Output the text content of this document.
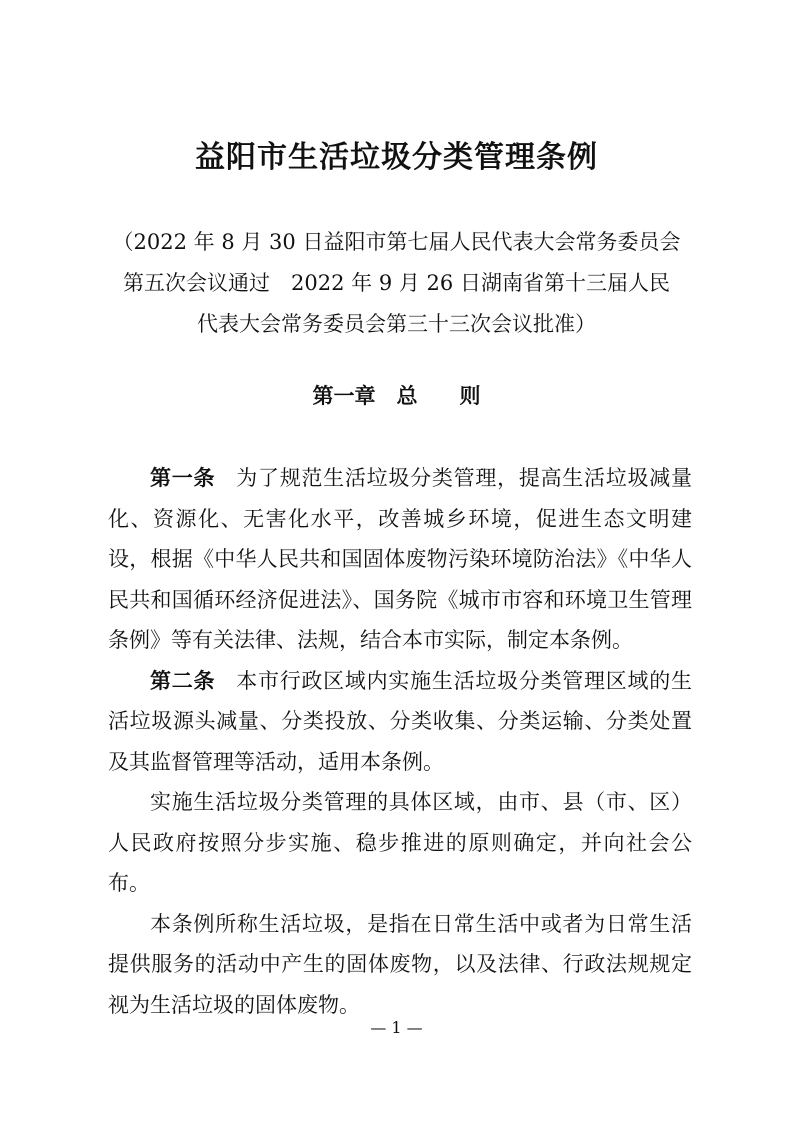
益阳市生活垃圾分类管理条例
（2022 年 8 月 30 日益阳市第七届人民代表大会常务委员会
第五次会议通过　2022 年 9 月 26 日湖南省第十三届人民
代表大会常务委员会第三十三次会议批准）
第一章　总　　则

第一条 为了规范生活垃圾分类管理，提高生活垃圾减量化、资源化、无害化水平，改善城乡环境，促进生态文明建设，根据《中华人民共和国固体废物污染环境防治法》《中华人民共和国循环经济促进法》、国务院《城市市容和环境卫生管理条例》等有关法律、法规，结合本市实际，制定本条例。

第二条 本市行政区域内实施生活垃圾分类管理区域的生活垃圾源头减量、分类投放、分类收集、分类运输、分类处置及其监督管理等活动，适用本条例。

实施生活垃圾分类管理的具体区域，由市、县（市、区）人民政府按照分步实施、稳步推进的原则确定，并向社会公布。

本条例所称生活垃圾，是指在日常生活中或者为日常生活提供服务的活动中产生的固体废物，以及法律、行政法规规定视为生活垃圾的固体废物。

— 1 —
